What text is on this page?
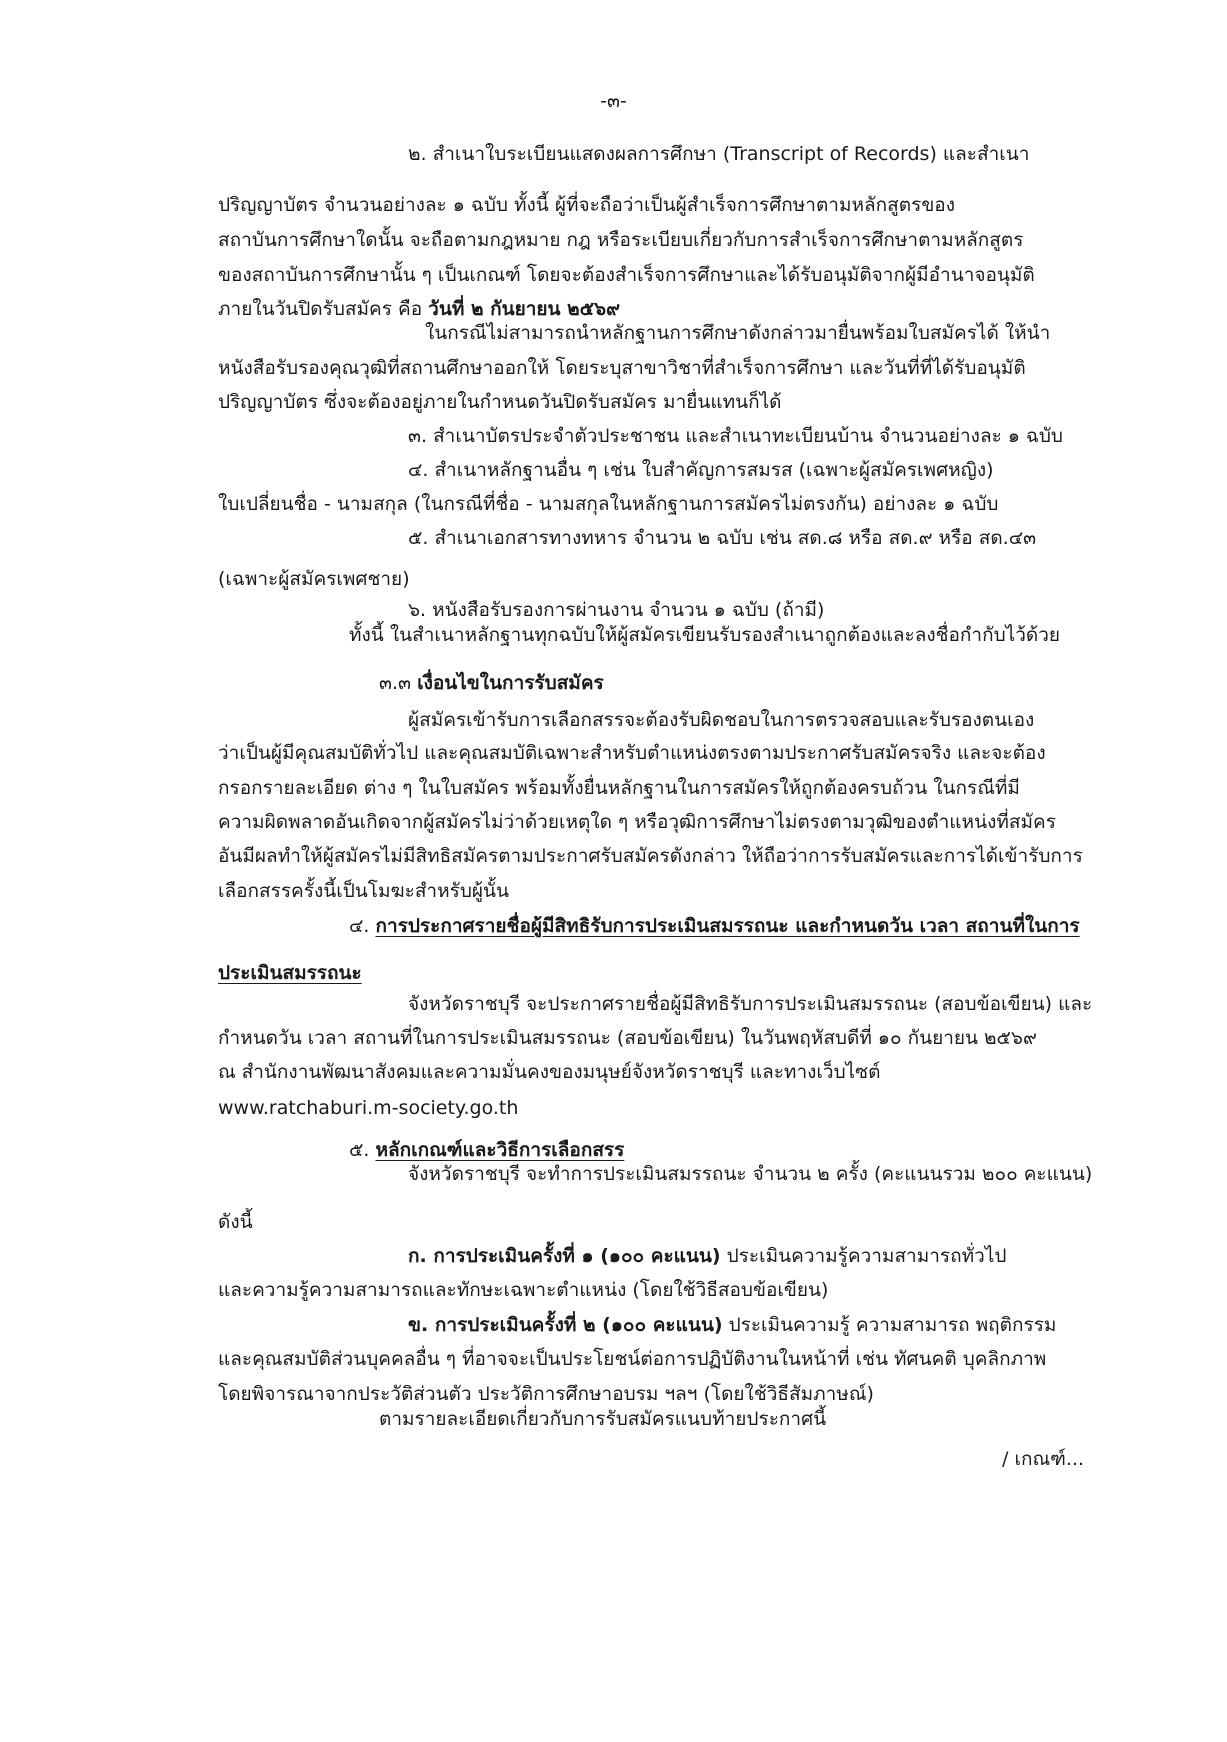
-๓-
๒. สำเนาใบระเบียนแสดงผลการศึกษา (Transcript of Records) และสำเนา
ปริญญาบัตร จำนวนอย่างละ ๑ ฉบับ ทั้งนี้ ผู้ที่จะถือว่าเป็นผู้สำเร็จการศึกษาตามหลักสูตรของ
สถาบันการศึกษาใดนั้น จะถือตามกฎหมาย กฎ หรือระเบียบเกี่ยวกับการสำเร็จการศึกษาตามหลักสูตร
ของสถาบันการศึกษานั้น ๆ เป็นเกณฑ์ โดยจะต้องสำเร็จการศึกษาและได้รับอนุมัติจากผู้มีอำนาจอนุมัติ
ภายในวันปิดรับสมัคร คือ วันที่ ๒ กันยายน ๒๕๖๙
ในกรณีไม่สามารถนำหลักฐานการศึกษาดังกล่าวมายื่นพร้อมใบสมัครได้ ให้นำ
หนังสือรับรองคุณวุฒิที่สถานศึกษาออกให้ โดยระบุสาขาวิชาที่สำเร็จการศึกษา และวันที่ที่ได้รับอนุมัติ
ปริญญาบัตร ซึ่งจะต้องอยู่ภายในกำหนดวันปิดรับสมัคร มายื่นแทนก็ได้
๓. สำเนาบัตรประจำตัวประชาชน และสำเนาทะเบียนบ้าน จำนวนอย่างละ ๑ ฉบับ
๔. สำเนาหลักฐานอื่น ๆ เช่น ใบสำคัญการสมรส (เฉพาะผู้สมัครเพศหญิง)
ใบเปลี่ยนชื่อ - นามสกุล (ในกรณีที่ชื่อ - นามสกุลในหลักฐานการสมัครไม่ตรงกัน) อย่างละ ๑ ฉบับ
๕. สำเนาเอกสารทางทหาร จำนวน ๒ ฉบับ เช่น สด.๘ หรือ สด.๙ หรือ สด.๔๓
(เฉพาะผู้สมัครเพศชาย)
๖. หนังสือรับรองการผ่านงาน จำนวน ๑ ฉบับ (ถ้ามี)
ทั้งนี้ ในสำเนาหลักฐานทุกฉบับให้ผู้สมัครเขียนรับรองสำเนาถูกต้องและลงชื่อกำกับไว้ด้วย
๓.๓ เงื่อนไขในการรับสมัคร
ผู้สมัครเข้ารับการเลือกสรรจะต้องรับผิดชอบในการตรวจสอบและรับรองตนเอง
ว่าเป็นผู้มีคุณสมบัติทั่วไป และคุณสมบัติเฉพาะสำหรับตำแหน่งตรงตามประกาศรับสมัครจริง และจะต้อง
กรอกรายละเอียด ต่าง ๆ ในใบสมัคร พร้อมทั้งยื่นหลักฐานในการสมัครให้ถูกต้องครบถ้วน ในกรณีที่มี
ความผิดพลาดอันเกิดจากผู้สมัครไม่ว่าด้วยเหตุใด ๆ หรือวุฒิการศึกษาไม่ตรงตามวุฒิของตำแหน่งที่สมัคร
อันมีผลทำให้ผู้สมัครไม่มีสิทธิสมัครตามประกาศรับสมัครดังกล่าว ให้ถือว่าการรับสมัครและการได้เข้ารับการ
เลือกสรรครั้งนี้เป็นโมฆะสำหรับผู้นั้น
๔. การประกาศรายชื่อผู้มีสิทธิรับการประเมินสมรรถนะ และกำหนดวัน เวลา สถานที่ในการ
ประเมินสมรรถนะ
จังหวัดราชบุรี จะประกาศรายชื่อผู้มีสิทธิรับการประเมินสมรรถนะ (สอบข้อเขียน) และ
กำหนดวัน เวลา สถานที่ในการประเมินสมรรถนะ (สอบข้อเขียน) ในวันพฤหัสบดีที่ ๑๐ กันยายน ๒๕๖๙
ณ สำนักงานพัฒนาสังคมและความมั่นคงของมนุษย์จังหวัดราชบุรี และทางเว็บไซต์
www.ratchaburi.m-society.go.th
๕. หลักเกณฑ์และวิธีการเลือกสรร
จังหวัดราชบุรี จะทำการประเมินสมรรถนะ จำนวน ๒ ครั้ง (คะแนนรวม ๒๐๐ คะแนน)
ดังนี้
ก. การประเมินครั้งที่ ๑ (๑๐๐ คะแนน) ประเมินความรู้ความสามารถทั่วไป
และความรู้ความสามารถและทักษะเฉพาะตำแหน่ง (โดยใช้วิธีสอบข้อเขียน)
ข. การประเมินครั้งที่ ๒ (๑๐๐ คะแนน) ประเมินความรู้ ความสามารถ พฤติกรรม
และคุณสมบัติส่วนบุคคลอื่น ๆ ที่อาจจะเป็นประโยชน์ต่อการปฏิบัติงานในหน้าที่ เช่น ทัศนคติ บุคลิกภาพ
โดยพิจารณาจากประวัติส่วนตัว ประวัติการศึกษาอบรม ฯลฯ (โดยใช้วิธีสัมภาษณ์)
ตามรายละเอียดเกี่ยวกับการรับสมัครแนบท้ายประกาศนี้
/ เกณฑ์...
